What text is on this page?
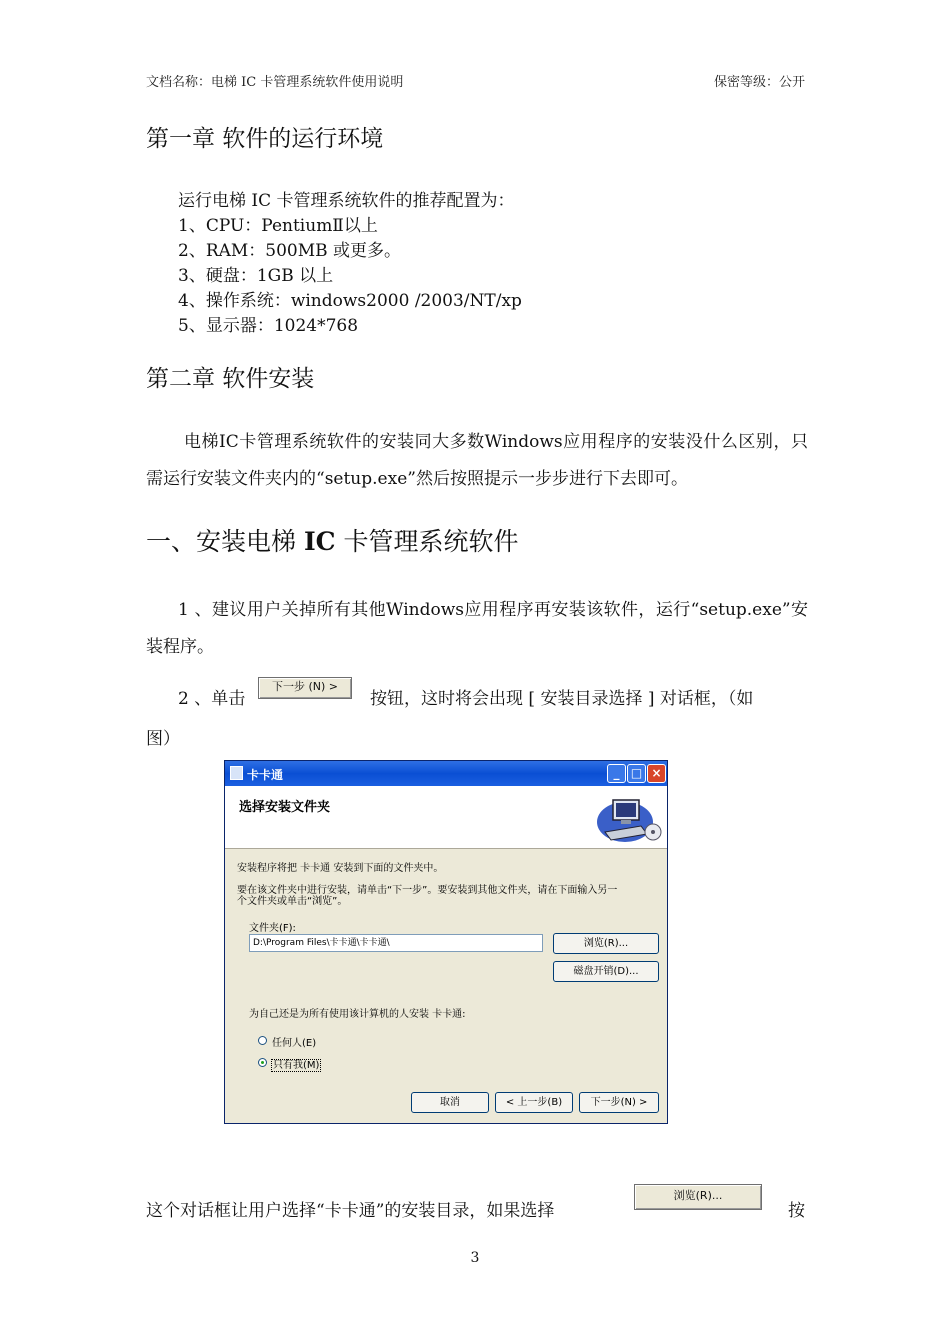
文档名称：电梯 IC 卡管理系统软件使用说明	保密等级：公开
第一章 软件的运行环境
运行电梯 IC 卡管理系统软件的推荐配置为：
1、CPU：PentiumⅡ以上
2、RAM：500MB 或更多。
3、硬盘：1GB 以上
4、操作系统：windows2000 /2003/NT/xp
5、显示器：1024*768
第二章 软件安装
电梯IC卡管理系统软件的安装同大多数Windows应用程序的安装没什么区别，只需运行安装文件夹内的“setup.exe”然后按照提示一步步进行下去即可。
一、安装电梯 IC 卡管理系统软件
1 、建议用户关掉所有其他Windows应用程序再安装该软件，运行“setup.exe”安装程序。
2 、单击
下一步 (N) >
按钮，这时将会出现 [ 安装目录选择 ] 对话框，（如
图）
卡卡通	_ □ ×
选择安装文件夹
安装程序将把 卡卡通 安装到下面的文件夹中。
要在该文件夹中进行安装，请单击“下一步”。要安装到其他文件夹，请在下面输入另一
个文件夹或单击“浏览”。
文件夹(F):
D:\Program Files\卡卡通\卡卡通\	浏览(R)...
磁盘开销(D)...
为自己还是为所有使用该计算机的人安装 卡卡通:
任何人(E)
只有我(M)
取消	< 上一步(B)	下一步(N) >
这个对话框让用户选择“卡卡通”的安装目录，如果选择
浏览(R)...
按
3
